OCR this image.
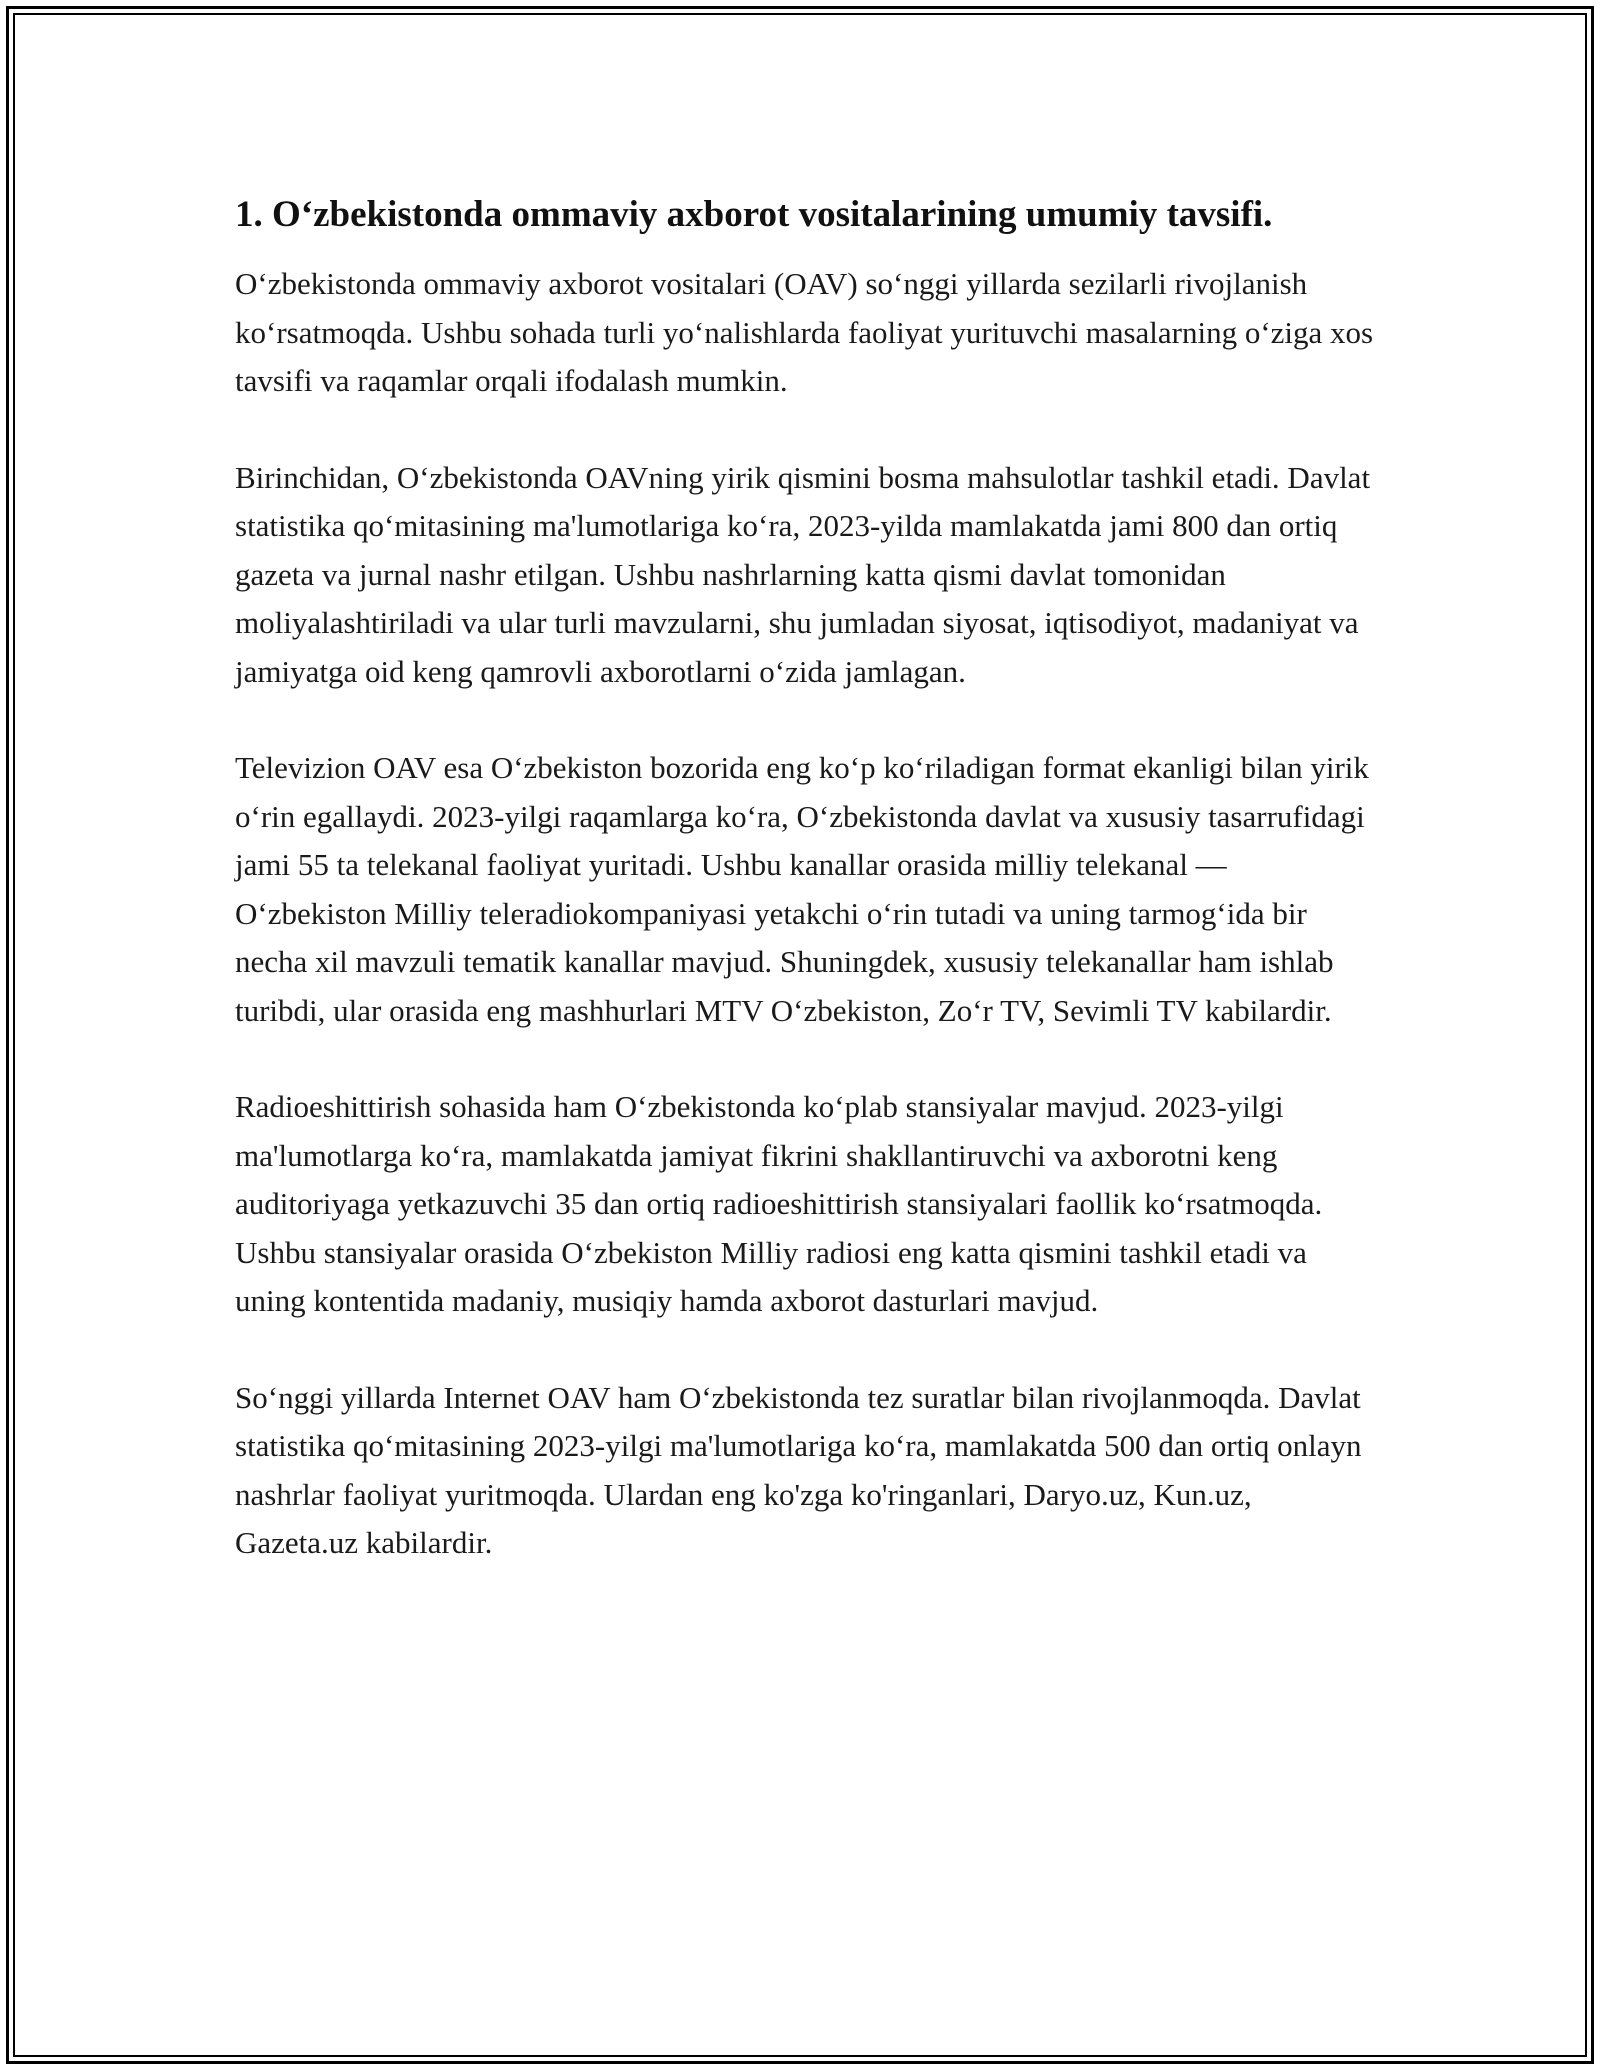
1. Oʻzbekistonda ommaviy axborot vositalarining umumiy tavsifi.

Oʻzbekistonda ommaviy axborot vositalari (OAV) soʻnggi yillarda sezilarli rivojlanish koʻrsatmoqda. Ushbu sohada turli yoʻnalishlarda faoliyat yurituvchi masalarning oʻziga xos tavsifi va raqamlar orqali ifodalash mumkin.

Birinchidan, Oʻzbekistonda OAVning yirik qismini bosma mahsulotlar tashkil etadi. Davlat statistika qoʻmitasining ma'lumotlariga koʻra, 2023-yilda mamlakatda jami 800 dan ortiq gazeta va jurnal nashr etilgan. Ushbu nashrlarning katta qismi davlat tomonidan moliyalashtiriladi va ular turli mavzularni, shu jumladan siyosat, iqtisodiyot, madaniyat va jamiyatga oid keng qamrovli axborotlarni oʻzida jamlagan.

Televizion OAV esa Oʻzbekiston bozorida eng koʻp koʻriladigan format ekanligi bilan yirik oʻrin egallaydi. 2023-yilgi raqamlarga koʻra, Oʻzbekistonda davlat va xususiy tasarrufidagi jami 55 ta telekanal faoliyat yuritadi. Ushbu kanallar orasida milliy telekanal — Oʻzbekiston Milliy teleradiokompaniyasi yetakchi oʻrin tutadi va uning tarmogʻida bir necha xil mavzuli tematik kanallar mavjud. Shuningdek, xususiy telekanallar ham ishlab turibdi, ular orasida eng mashhurlari MTV Oʻzbekiston, Zoʻr TV, Sevimli TV kabilardir.

Radioeshittirish sohasida ham Oʻzbekistonda koʻplab stansiyalar mavjud. 2023-yilgi ma'lumotlarga koʻra, mamlakatda jamiyat fikrini shakllantiruvchi va axborotni keng auditoriyaga yetkazuvchi 35 dan ortiq radioeshittirish stansiyalari faollik koʻrsatmoqda. Ushbu stansiyalar orasida Oʻzbekiston Milliy radiosi eng katta qismini tashkil etadi va uning kontentida madaniy, musiqiy hamda axborot dasturlari mavjud.

Soʻnggi yillarda Internet OAV ham Oʻzbekistonda tez suratlar bilan rivojlanmoqda. Davlat statistika qoʻmitasining 2023-yilgi ma'lumotlariga koʻra, mamlakatda 500 dan ortiq onlayn nashrlar faoliyat yuritmoqda. Ulardan eng ko'zga ko'ringanlari, Daryo.uz, Kun.uz, Gazeta.uz kabilardir.
